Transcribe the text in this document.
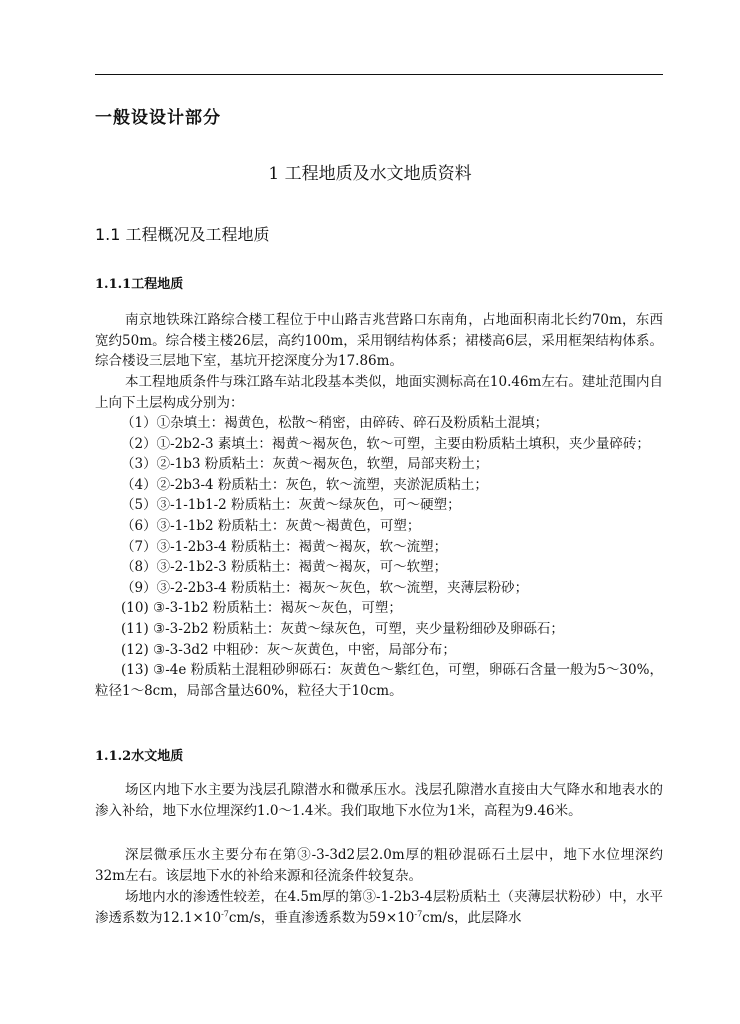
一般设设计部分
1 工程地质及水文地质资料
1.1 工程概况及工程地质
1.1.1工程地质

南京地铁珠江路综合楼工程位于中山路吉兆营路口东南角，占地面积南北长约70m，东西宽约50m。综合楼主楼26层，高约100m，采用钢结构体系；裙楼高6层，采用框架结构体系。综合楼设三层地下室，基坑开挖深度分为17.86m。

本工程地质条件与珠江路车站北段基本类似，地面实测标高在10.46m左右。建址范围内自上向下土层构成分别为：

（1）①杂填土：褐黄色，松散～稍密，由碎砖、碎石及粉质粘土混填；
（2）①-2b2-3 素填土：褐黄～褐灰色，软～可塑，主要由粉质粘土填积，夹少量碎砖；
（3）②-1b3 粉质粘土：灰黄～褐灰色，软塑，局部夹粉土；
（4）②-2b3-4 粉质粘土：灰色，软～流塑，夹淤泥质粘土；
（5）③-1-1b1-2 粉质粘土：灰黄～绿灰色，可～硬塑；
（6）③-1-1b2 粉质粘土：灰黄～褐黄色，可塑；
（7）③-1-2b3-4 粉质粘土：褐黄～褐灰，软～流塑；
（8）③-2-1b2-3 粉质粘土：褐黄～褐灰，可～软塑；
（9）③-2-2b3-4 粉质粘土：褐灰～灰色，软～流塑，夹薄层粉砂；
(10) ③-3-1b2 粉质粘土：褐灰～灰色，可塑；
(11) ③-3-2b2 粉质粘土：灰黄～绿灰色，可塑，夹少量粉细砂及卵砾石；
(12) ③-3-3d2 中粗砂：灰～灰黄色，中密，局部分布；
(13) ③-4e 粉质粘土混粗砂卵砾石：灰黄色～紫红色，可塑，卵砾石含量一般为5～30%，粒径1～8cm，局部含量达60%，粒径大于10cm。
1.1.2水文地质

场区内地下水主要为浅层孔隙潜水和微承压水。浅层孔隙潜水直接由大气降水和地表水的渗入补给，地下水位埋深约1.0～1.4米。我们取地下水位为1米，高程为9.46米。

深层微承压水主要分布在第③-3-3d2层2.0m厚的粗砂混砾石土层中，地下水位埋深约32m左右。该层地下水的补给来源和径流条件较复杂。

场地内水的渗透性较差，在4.5m厚的第③-1-2b3-4层粉质粘土（夹薄层状粉砂）中，水平渗透系数为$12.1\times 10^{-7}cm/s$，垂直渗透系数为$59\times 10^{-7}cm/s$，此层降水
